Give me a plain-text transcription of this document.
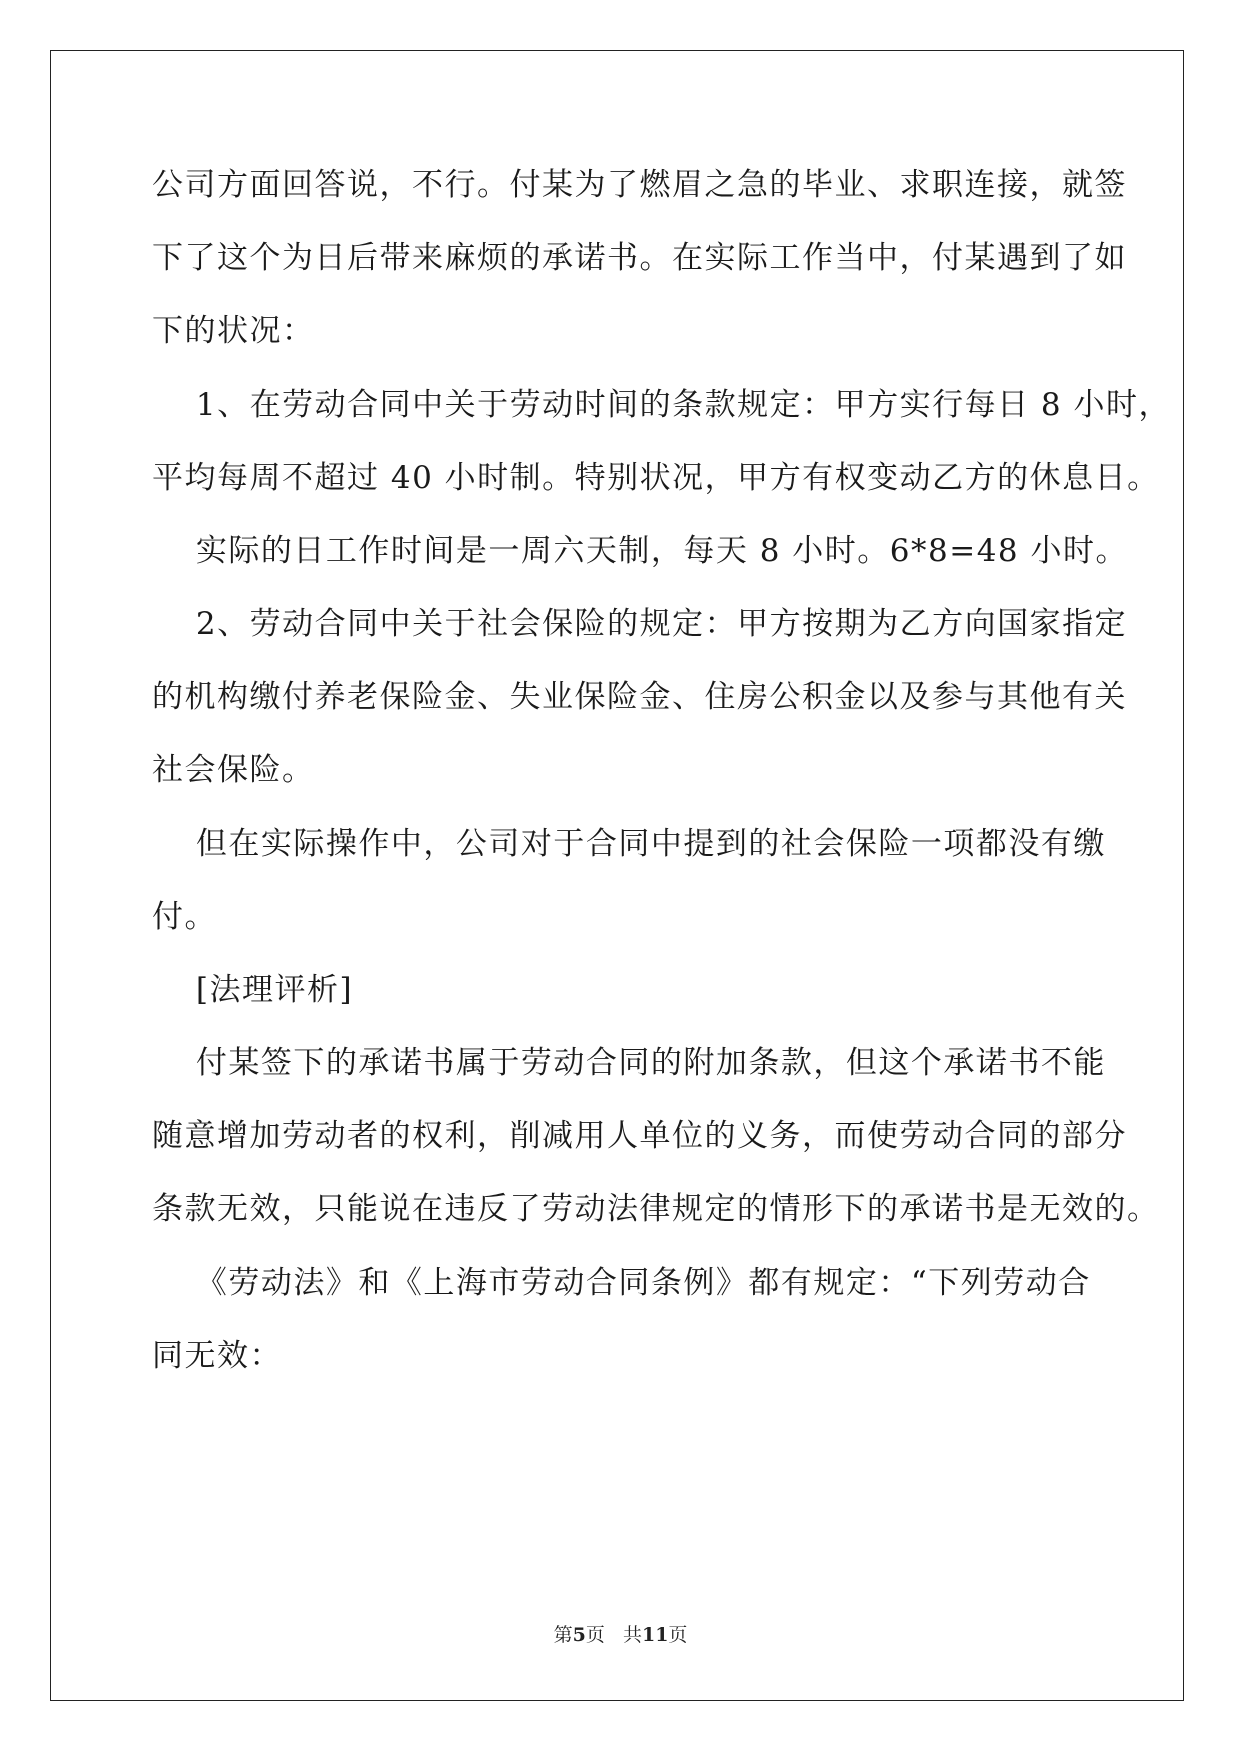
公司方面回答说，不行。付某为了燃眉之急的毕业、求职连接，就签
下了这个为日后带来麻烦的承诺书。在实际工作当中，付某遇到了如
下的状况：
　 1、在劳动合同中关于劳动时间的条款规定：甲方实行每日 8 小时，
平均每周不超过 40 小时制。特别状况，甲方有权变动乙方的休息日。
　 实际的日工作时间是一周六天制，每天 8 小时。6*8=48 小时。
　 2、劳动合同中关于社会保险的规定：甲方按期为乙方向国家指定
的机构缴付养老保险金、失业保险金、住房公积金以及参与其他有关
社会保险。
　 但在实际操作中，公司对于合同中提到的社会保险一项都没有缴
付。
　 [法理评析]
　 付某签下的承诺书属于劳动合同的附加条款，但这个承诺书不能
随意增加劳动者的权利，削减用人单位的义务，而使劳动合同的部分
条款无效，只能说在违反了劳动法律规定的情形下的承诺书是无效的。
　 《劳动法》和《上海市劳动合同条例》都有规定：“下列劳动合
同无效：
第5页 共11页
